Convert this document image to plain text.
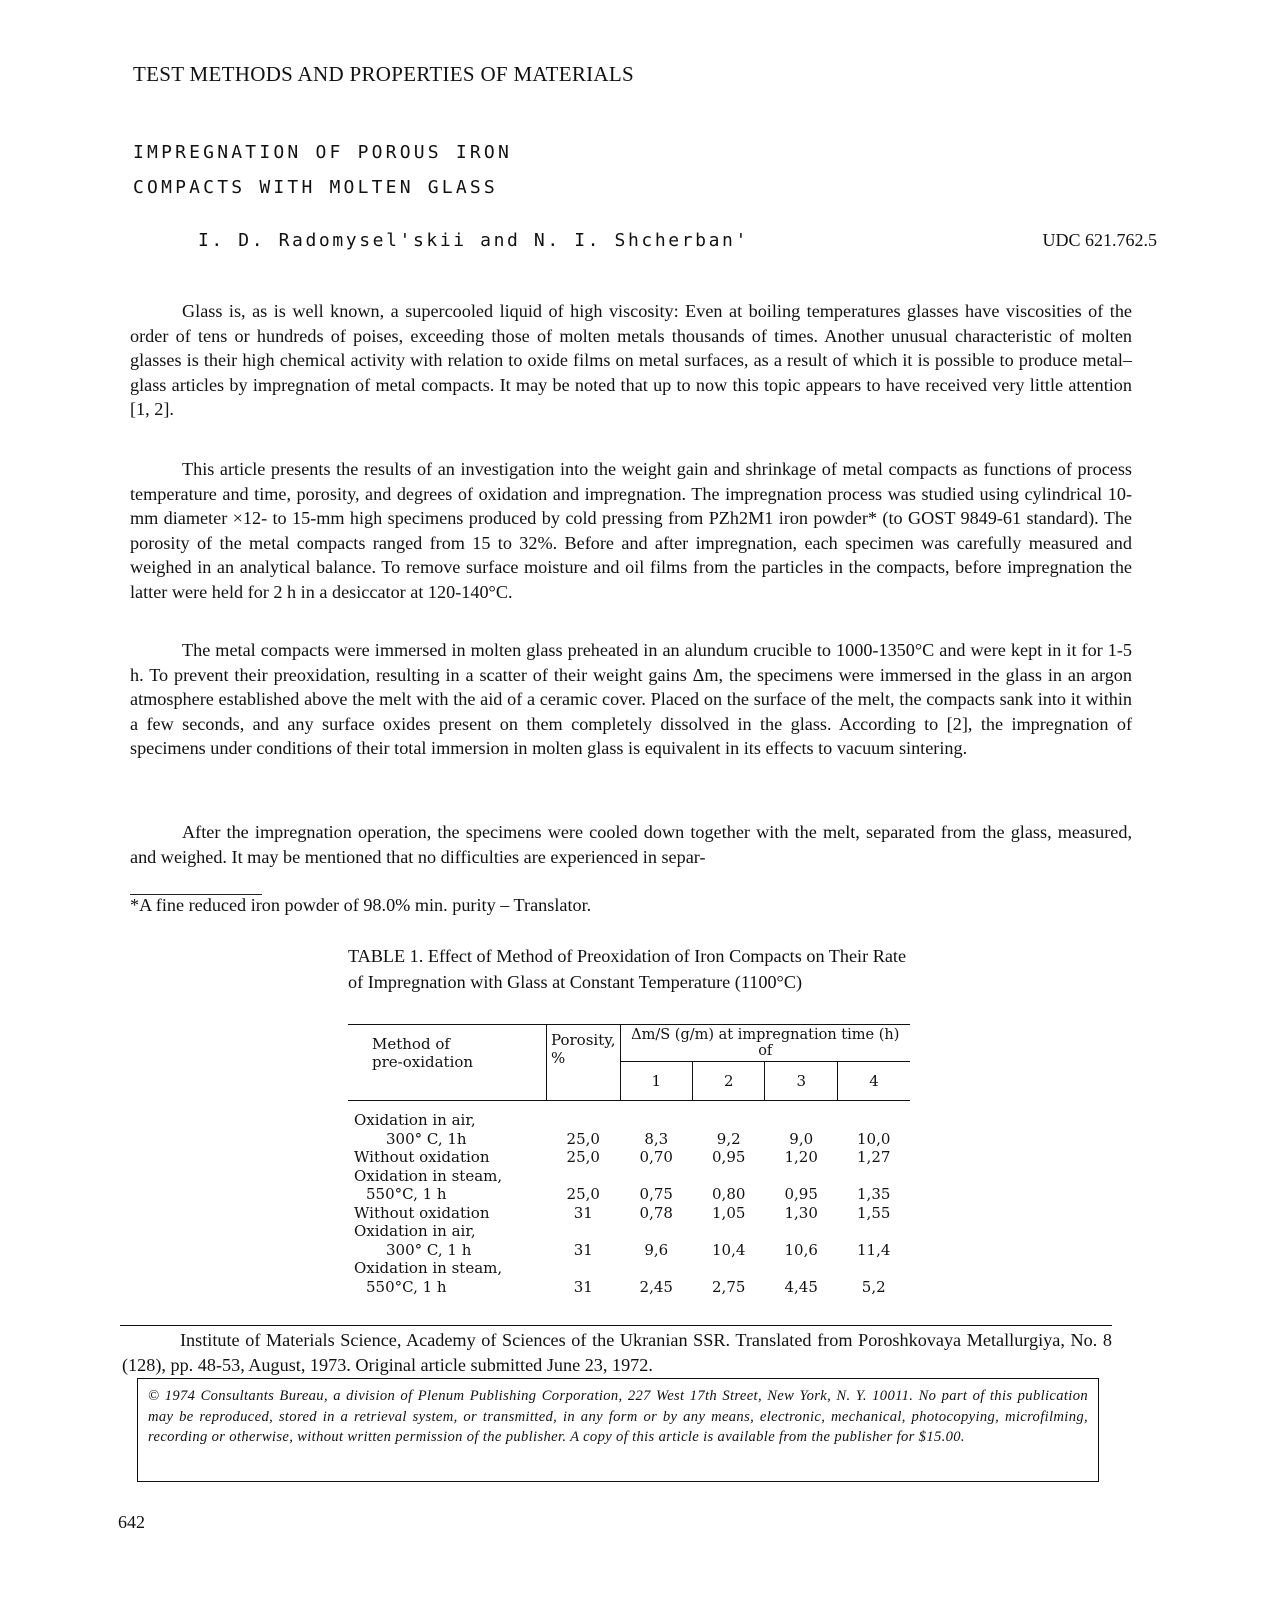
TEST METHODS AND PROPERTIES OF MATERIALS
IMPREGNATION OF POROUS IRON
COMPACTS WITH MOLTEN GLASS
I. D. Radomysel'skii and N. I. Shcherban'	UDC 621.762.5

Glass is, as is well known, a supercooled liquid of high viscosity: Even at boiling temperatures glasses have viscosities of the order of tens or hundreds of poises, exceeding those of molten metals thousands of times. Another unusual characteristic of molten glasses is their high chemical activity with relation to oxide films on metal surfaces, as a result of which it is possible to produce metal–glass articles by impregnation of metal compacts. It may be noted that up to now this topic appears to have received very little attention [1, 2].

This article presents the results of an investigation into the weight gain and shrinkage of metal compacts as functions of process temperature and time, porosity, and degrees of oxidation and impregnation. The impregnation process was studied using cylindrical 10-mm diameter ×12- to 15-mm high specimens produced by cold pressing from PZh2M1 iron powder* (to GOST 9849-61 standard). The porosity of the metal compacts ranged from 15 to 32%. Before and after impregnation, each specimen was carefully measured and weighed in an analytical balance. To remove surface moisture and oil films from the particles in the compacts, before impregnation the latter were held for 2 h in a desiccator at 120-140°C.

The metal compacts were immersed in molten glass preheated in an alundum crucible to 1000-1350°C and were kept in it for 1-5 h. To prevent their preoxidation, resulting in a scatter of their weight gains Δm, the specimens were immersed in the glass in an argon atmosphere established above the melt with the aid of a ceramic cover. Placed on the surface of the melt, the compacts sank into it within a few seconds, and any surface oxides present on them completely dissolved in the glass. According to [2], the impregnation of specimens under conditions of their total immersion in molten glass is equivalent in its effects to vacuum sintering.

After the impregnation operation, the specimens were cooled down together with the melt, separated from the glass, measured, and weighed. It may be mentioned that no difficulties are experienced in separ-

*A fine reduced iron powder of 98.0% min. purity – Translator.

TABLE 1. Effect of Method of Preoxidation of Iron Compacts on Their Rate of Impregnation with Glass at Constant Temperature (1100°C)

Method of pre-oxidation	Porosity, %	Δm/S (g/m) at impregnation time (h) of			
		1	2	3	4

Oxidation in air,					
300° C, 1h	25,0	8,3	9,2	9,0	10,0
Without oxidation	25,0	0,70	0,95	1,20	1,27
Oxidation in steam,					
550°C, 1 h	25,0	0,75	0,80	0,95	1,35
Without oxidation	31	0,78	1,05	1,30	1,55
Oxidation in air,					
300° C, 1 h	31	9,6	10,4	10,6	11,4
Oxidation in steam,					
550°C, 1 h	31	2,45	2,75	4,45	5,2

Institute of Materials Science, Academy of Sciences of the Ukranian SSR. Translated from Poroshkovaya Metallurgiya, No. 8 (128), pp. 48-53, August, 1973. Original article submitted June 23, 1972.

© 1974 Consultants Bureau, a division of Plenum Publishing Corporation, 227 West 17th Street, New York, N. Y. 10011. No part of this publication may be reproduced, stored in a retrieval system, or transmitted, in any form or by any means, electronic, mechanical, photocopying, microfilming, recording or otherwise, without written permission of the publisher. A copy of this article is available from the publisher for $15.00.

642
